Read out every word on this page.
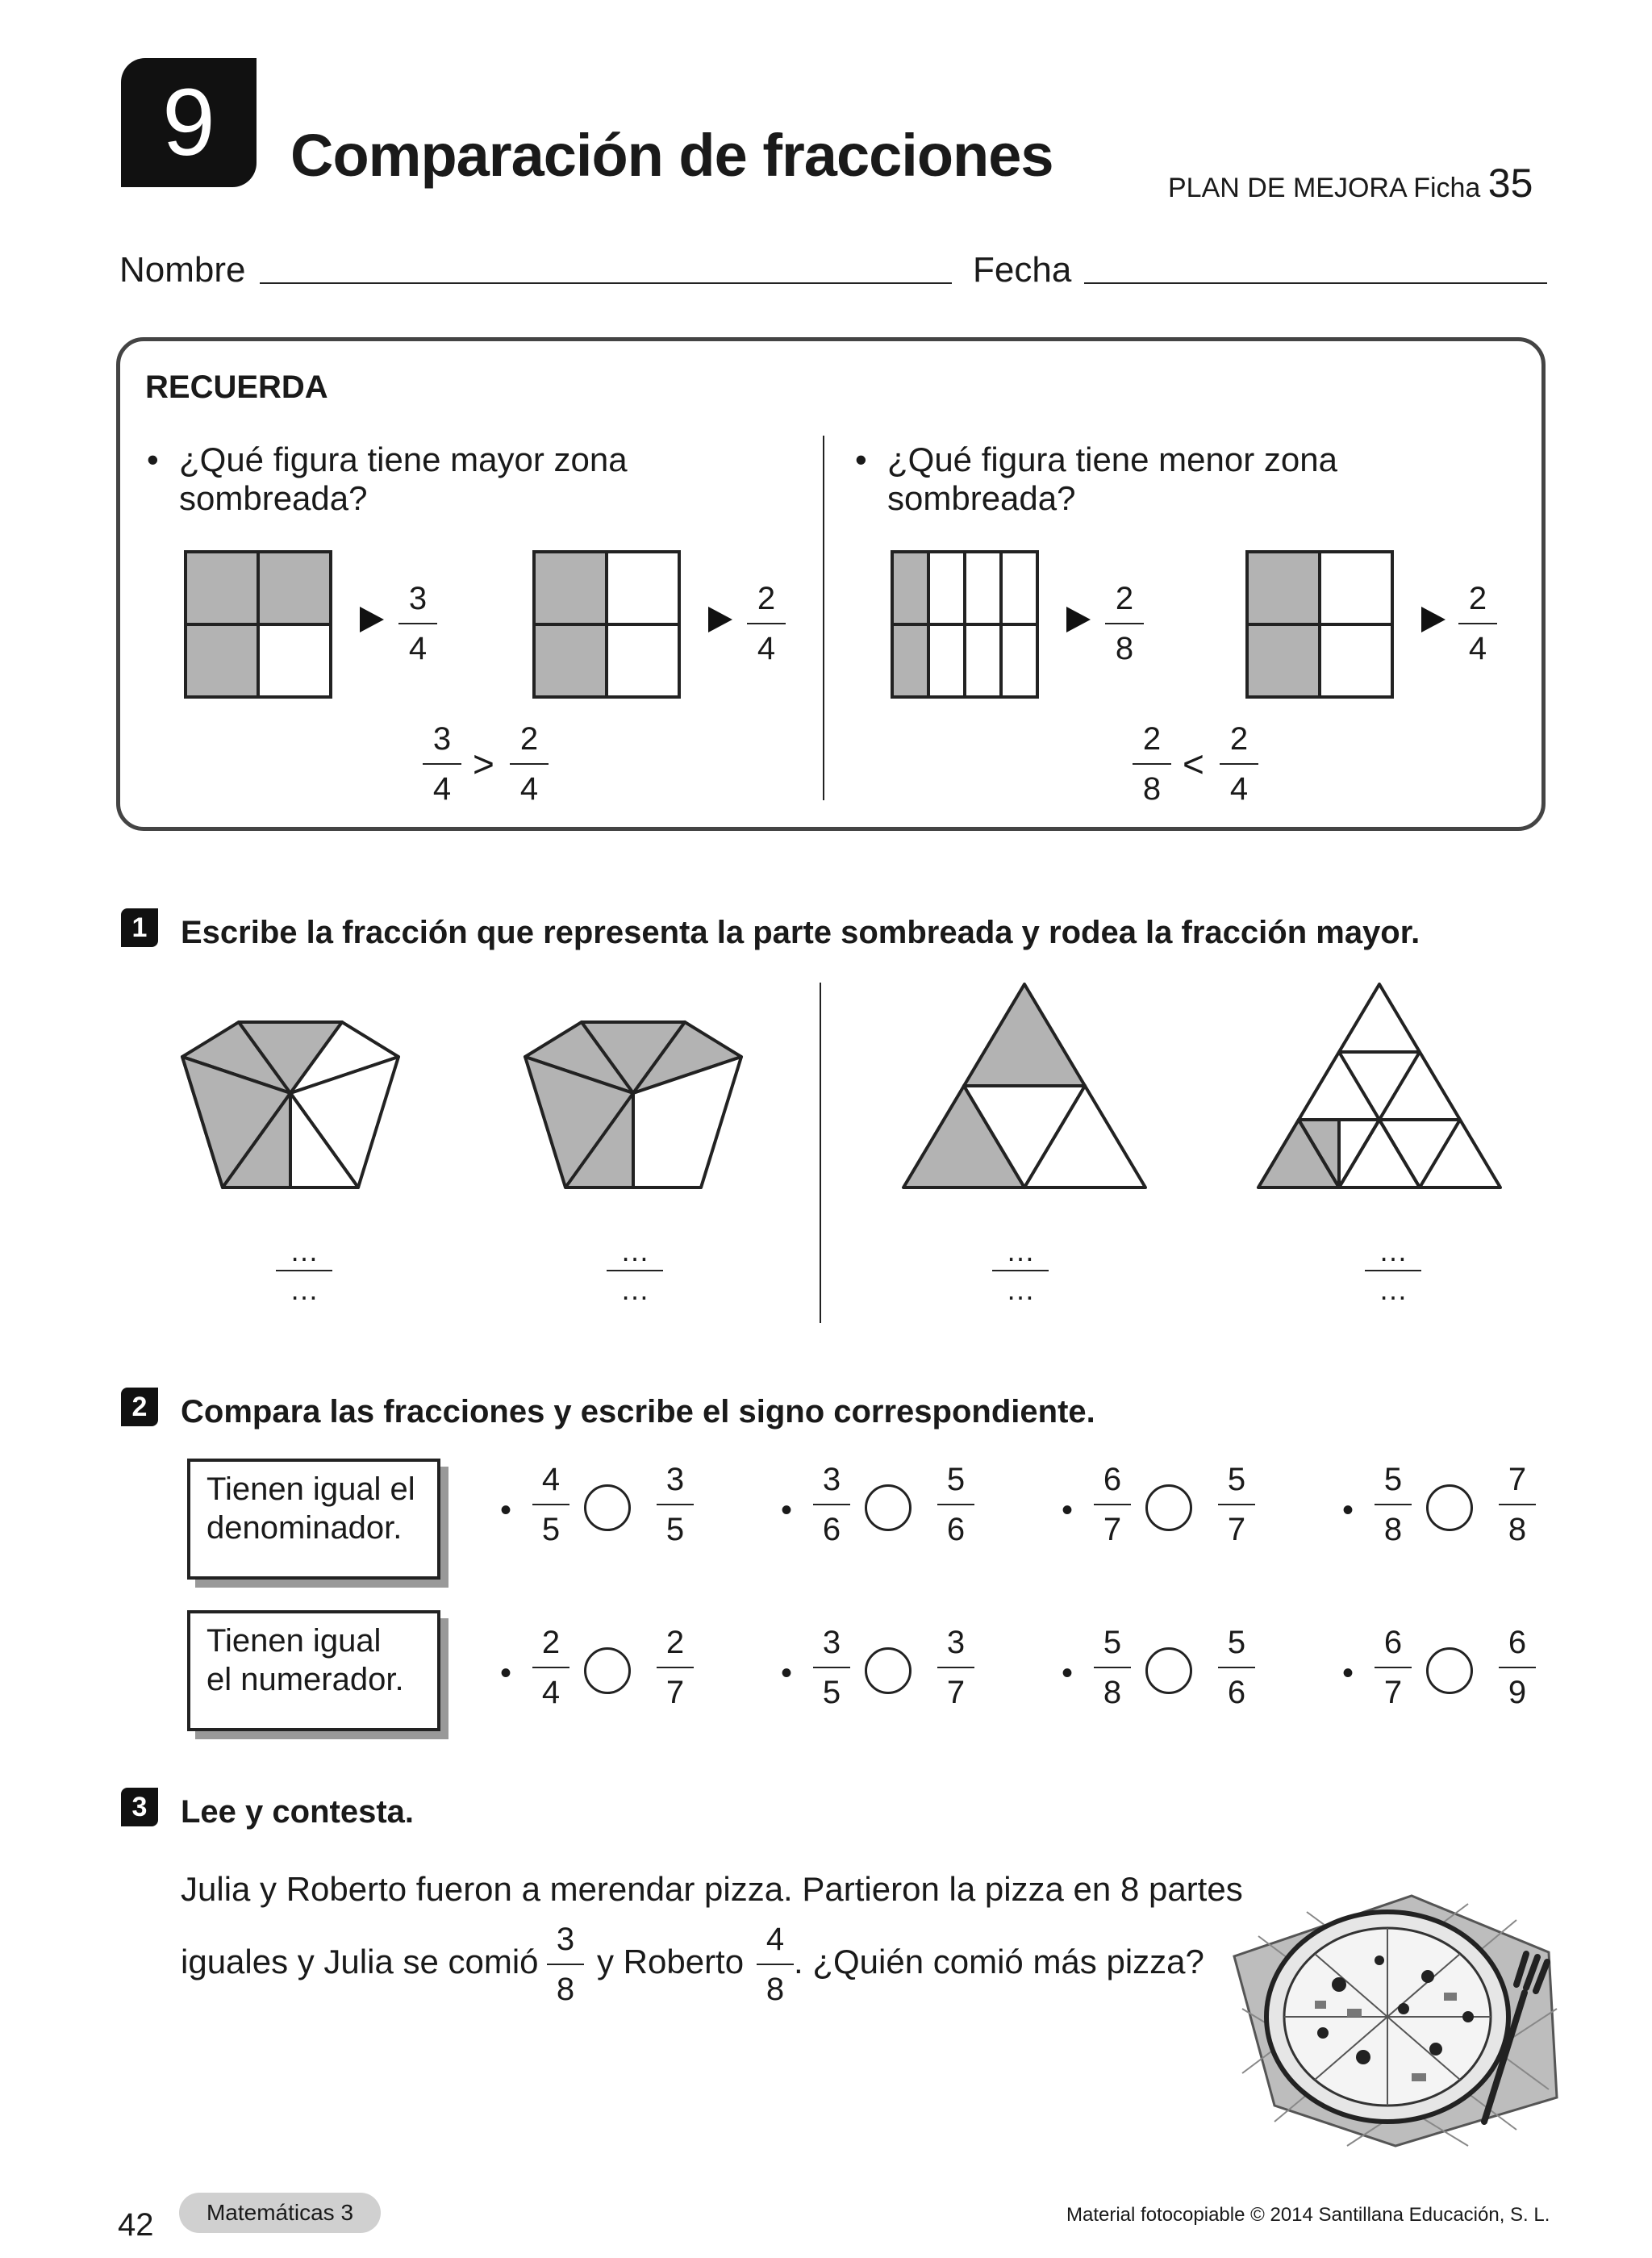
9 Comparación de fracciones	PLAN DE MEJORA Ficha 35
Nombre	Fecha
RECUERDA
• ¿Qué figura tiene mayor zona
sombreada?
• ¿Qué figura tiene menor zona
sombreada?
3
4
2
4
2
8
2
4
3
4
>
2
4
2
8
<
2
4
1	Escribe la fracción que representa la parte sombreada y rodea la fracción mayor.
…
…
…
…
…
…
…
…
2	Compara las fracciones y escribe el signo correspondiente.
Tienen igual el
denominador.
Tienen igual
el numerador.
•
4
5
3
5
•
3
6
5
6
•
6
7
5
7
•
5
8
7
8
•
2
4
2
7
•
3
5
3
7
•
5
8
5
6
•
6
7
6
9
3	Lee y contesta.
Julia y Roberto fueron a merendar pizza. Partieron la pizza en 8 partes
iguales y Julia se comió
3
8
y Roberto
4
8
. ¿Quién comió más pizza?
42 Matemáticas 3	Material fotocopiable © 2014 Santillana Educación, S. L.
